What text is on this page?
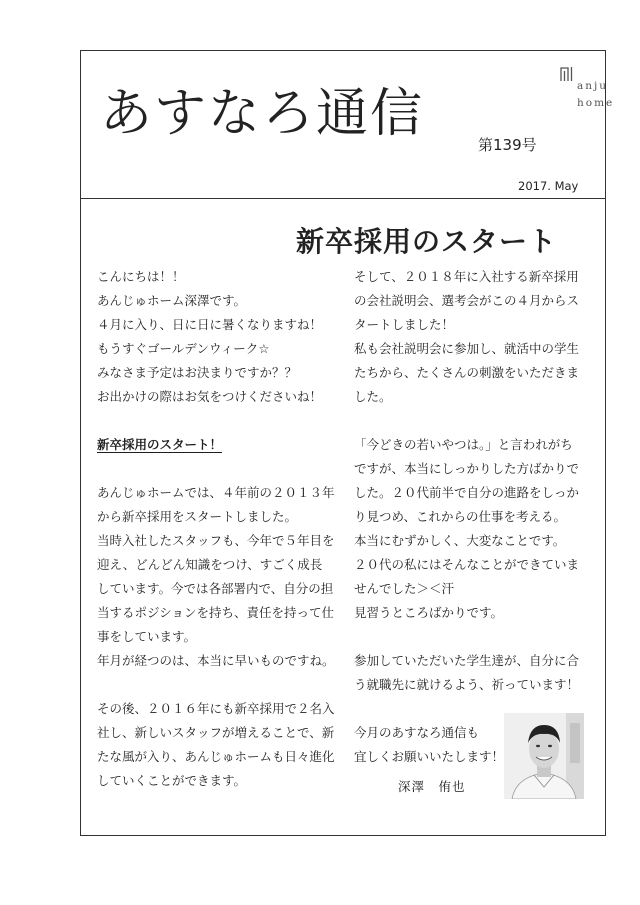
あすなろ通信
第139号
anju
home
2017. May
新卒採用のスタート
こんにちは！！
あんじゅホーム深澤です。
４月に入り、日に日に暑くなりますね！
もうすぐゴールデンウィーク☆
みなさま予定はお決まりですか？？
お出かけの際はお気をつけくださいね！
新卒採用のスタート！
あんじゅホームでは、４年前の２０１３年
から新卒採用をスタートしました。
当時入社したスタッフも、今年で５年目を
迎え、どんどん知識をつけ、すごく成長
しています。今では各部署内で、自分の担
当するポジションを持ち、責任を持って仕
事をしています。
年月が経つのは、本当に早いものですね。
その後、２０１６年にも新卒採用で２名入
社し、新しいスタッフが増えることで、新
たな風が入り、あんじゅホームも日々進化
していくことができます。
そして、２０１８年に入社する新卒採用
の会社説明会、選考会がこの４月からス
タートしました！
私も会社説明会に参加し、就活中の学生
たちから、たくさんの刺激をいただきま
した。
「今どきの若いやつは。」と言われがち
ですが、本当にしっかりした方ばかりで
した。２０代前半で自分の進路をしっか
り見つめ、これからの仕事を考える。
本当にむずかしく、大変なことです。
２０代の私にはそんなことができていま
せんでした＞＜汗
見習うところばかりです。
参加していただいた学生達が、自分に合
う就職先に就けるよう、祈っています！
今月のあすなろ通信も
宜しくお願いいたします！
深澤　侑也
